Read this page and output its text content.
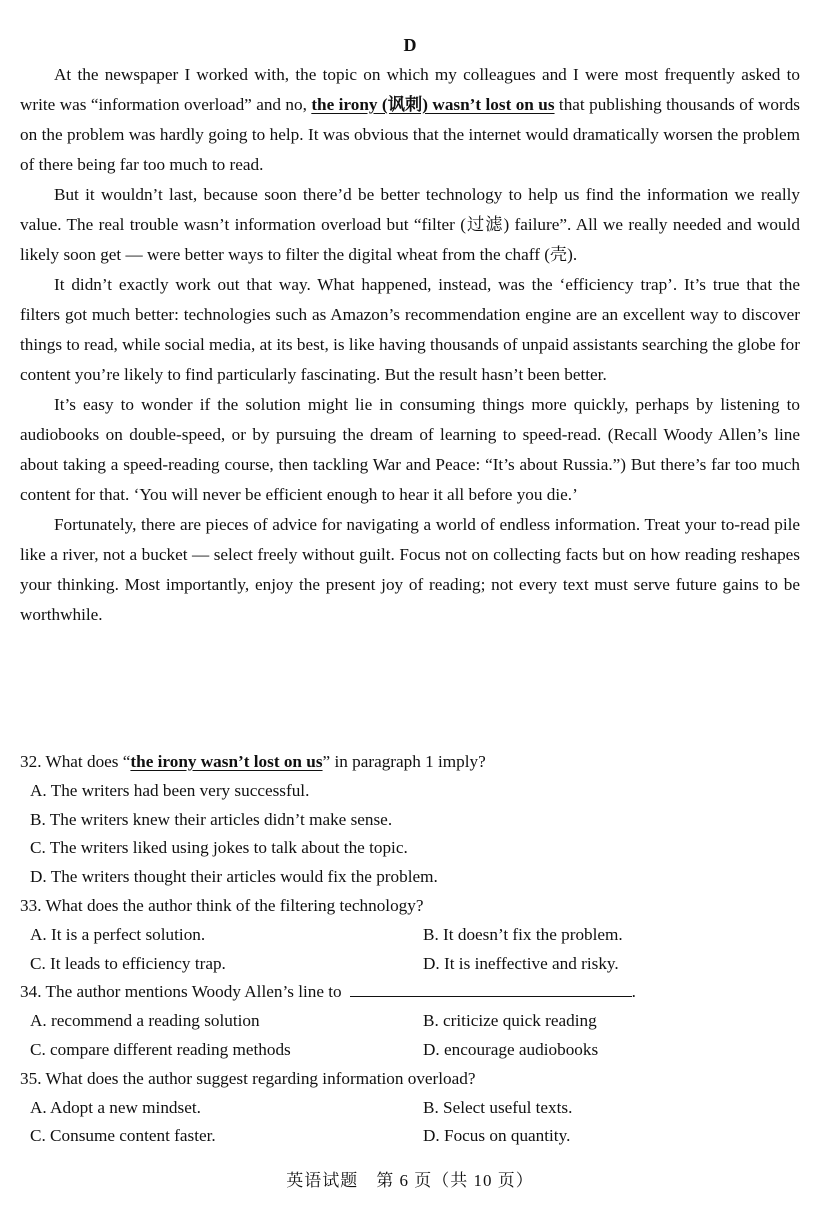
D

At the newspaper I worked with, the topic on which my colleagues and I were most frequently asked to write was “information overload” and no, the irony (讽刺) wasn’t lost on us that publishing thousands of words on the problem was hardly going to help. It was obvious that the internet would dramatically worsen the problem of there being far too much to read.

But it wouldn’t last, because soon there’d be better technology to help us find the information we really value. The real trouble wasn’t information overload but “filter (过滤) failure”. All we really needed and would likely soon get — were better ways to filter the digital wheat from the chaff (壳).

It didn’t exactly work out that way. What happened, instead, was the ‘efficiency trap’. It’s true that the filters got much better: technologies such as Amazon’s recommendation engine are an excellent way to discover things to read, while social media, at its best, is like having thousands of unpaid assistants searching the globe for content you’re likely to find particularly fascinating. But the result hasn’t been better.

It’s easy to wonder if the solution might lie in consuming things more quickly, perhaps by listening to audiobooks on double-speed, or by pursuing the dream of learning to speed-read. (Recall Woody Allen’s line about taking a speed-reading course, then tackling War and Peace: “It’s about Russia.”) But there’s far too much content for that. ‘You will never be efficient enough to hear it all before you die.’

Fortunately, there are pieces of advice for navigating a world of endless information. Treat your to-read pile like a river, not a bucket — select freely without guilt. Focus not on collecting facts but on how reading reshapes your thinking. Most importantly, enjoy the present joy of reading; not every text must serve future gains to be worthwhile.

32. What does “the irony wasn’t lost on us” in paragraph 1 imply?
A. The writers had been very successful.
B. The writers knew their articles didn’t make sense.
C. The writers liked using jokes to talk about the topic.
D. The writers thought their articles would fix the problem.
33. What does the author think of the filtering technology?
A. It is a perfect solution.	B. It doesn’t fix the problem.
C. It leads to efficiency trap.	D. It is ineffective and risky.
34. The author mentions Woody Allen’s line to	.
A. recommend a reading solution	B. criticize quick reading
C. compare different reading methods	D. encourage audiobooks
35. What does the author suggest regarding information overload?
A. Adopt a new mindset.	B. Select useful texts.
C. Consume content faster.	D. Focus on quantity.
英语试题　第 6 页（共 10 页）
